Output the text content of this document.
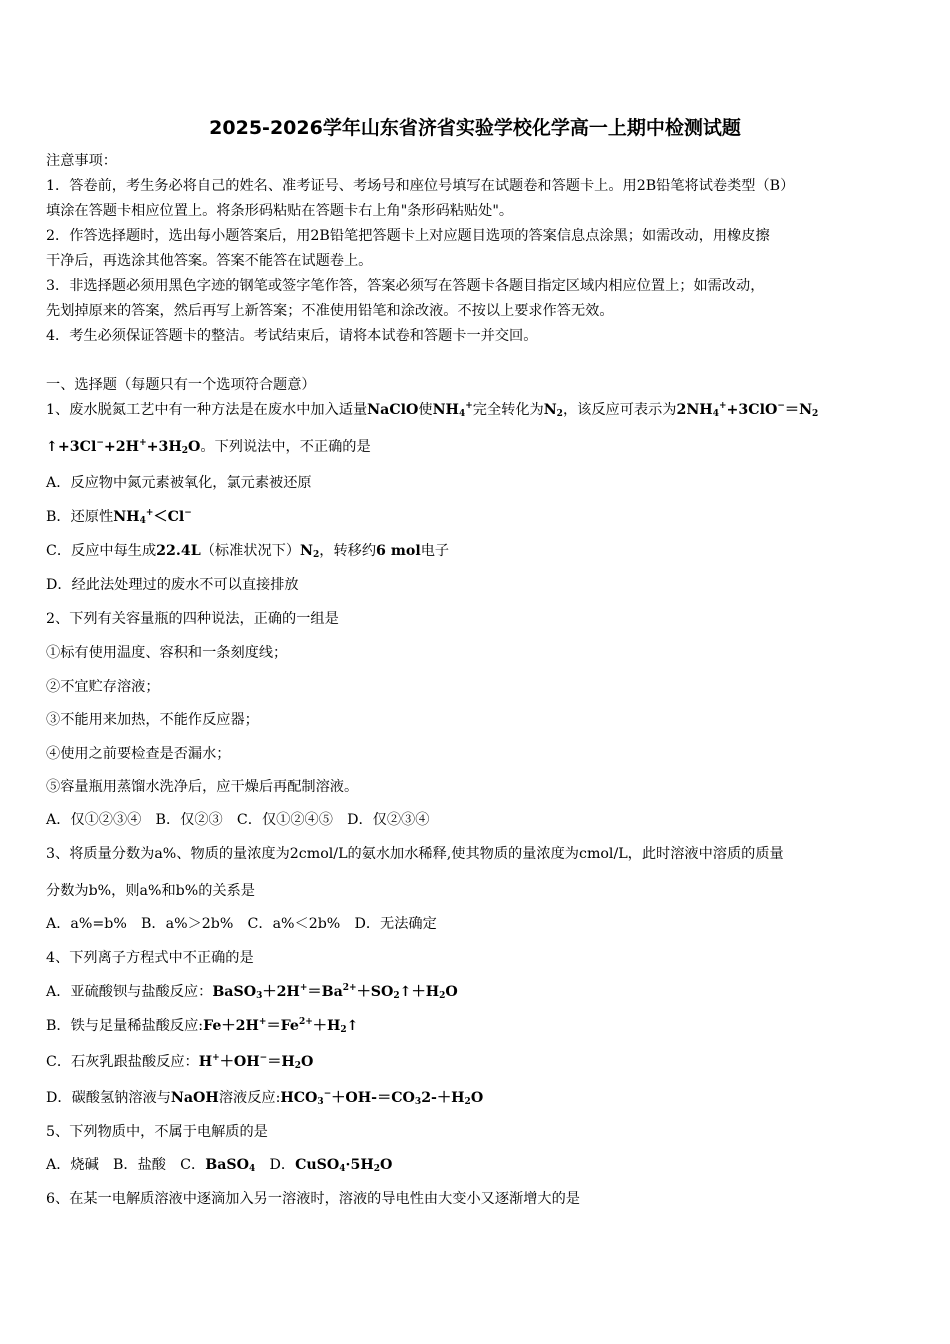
2025-2026学年山东省济省实验学校化学高一上期中检测试题
注意事项：
1．答卷前，考生务必将自己的姓名、准考证号、考场号和座位号填写在试题卷和答题卡上。用2B铅笔将试卷类型（B）
填涂在答题卡相应位置上。将条形码粘贴在答题卡右上角"条形码粘贴处"。
2．作答选择题时，选出每小题答案后，用2B铅笔把答题卡上对应题目选项的答案信息点涂黑；如需改动，用橡皮擦
干净后，再选涂其他答案。答案不能答在试题卷上。
3．非选择题必须用黑色字迹的钢笔或签字笔作答，答案必须写在答题卡各题目指定区域内相应位置上；如需改动，
先划掉原来的答案，然后再写上新答案；不准使用铅笔和涂改液。不按以上要求作答无效。
4．考生必须保证答题卡的整洁。考试结束后，请将本试卷和答题卡一并交回。
一、选择题（每题只有一个选项符合题意）
1、废水脱氮工艺中有一种方法是在废水中加入适量NaClO使$NH_4^+$完全转化为$N_2$，该反应可表示为$2NH_4^++3ClO^-=N_2$
$↑+3Cl^-+2H^++3H_2O$。下列说法中，不正确的是
A．反应物中氮元素被氧化，氯元素被还原
B．还原性$NH_4^+<Cl^-$
C．反应中每生成22.4L（标准状况下）$N_2$，转移约6 mol电子
D．经此法处理过的废水不可以直接排放
2、下列有关容量瓶的四种说法，正确的一组是
①标有使用温度、容积和一条刻度线；
②不宜贮存溶液；
③不能用来加热，不能作反应器；
④使用之前要检查是否漏水；
⑤容量瓶用蒸馏水洗净后，应干燥后再配制溶液。
A．仅①②③④　B．仅②③　C．仅①②④⑤　D．仅②③④
3、将质量分数为a%、物质的量浓度为2cmol/L的氨水加水稀释,使其物质的量浓度为cmol/L，此时溶液中溶质的质量
分数为b%，则a%和b%的关系是
A．a%=b%　B．a%＞2b%　C．a%＜2b%　D．无法确定
4、下列离子方程式中不正确的是
A．亚硫酸钡与盐酸反应：$BaSO_3+2H^+=Ba^{2+}+SO_2↑+H_2O$
B．铁与足量稀盐酸反应$:Fe+2H^+=Fe^{2+}+H_2↑$
C．石灰乳跟盐酸反应：$H^++OH^-=H_2O$
D．碳酸氢钠溶液与NaOH溶液反应$:HCO_3^-+OH-=CO_32-+H_2O$
5、下列物质中，不属于电解质的是
A．烧碱　B．盐酸　C．BaSO$_4$　 D．$CuSO_4\cdot 5H_2O$
6、在某一电解质溶液中逐滴加入另一溶液时，溶液的导电性由大变小又逐渐增大的是
+-2+23
